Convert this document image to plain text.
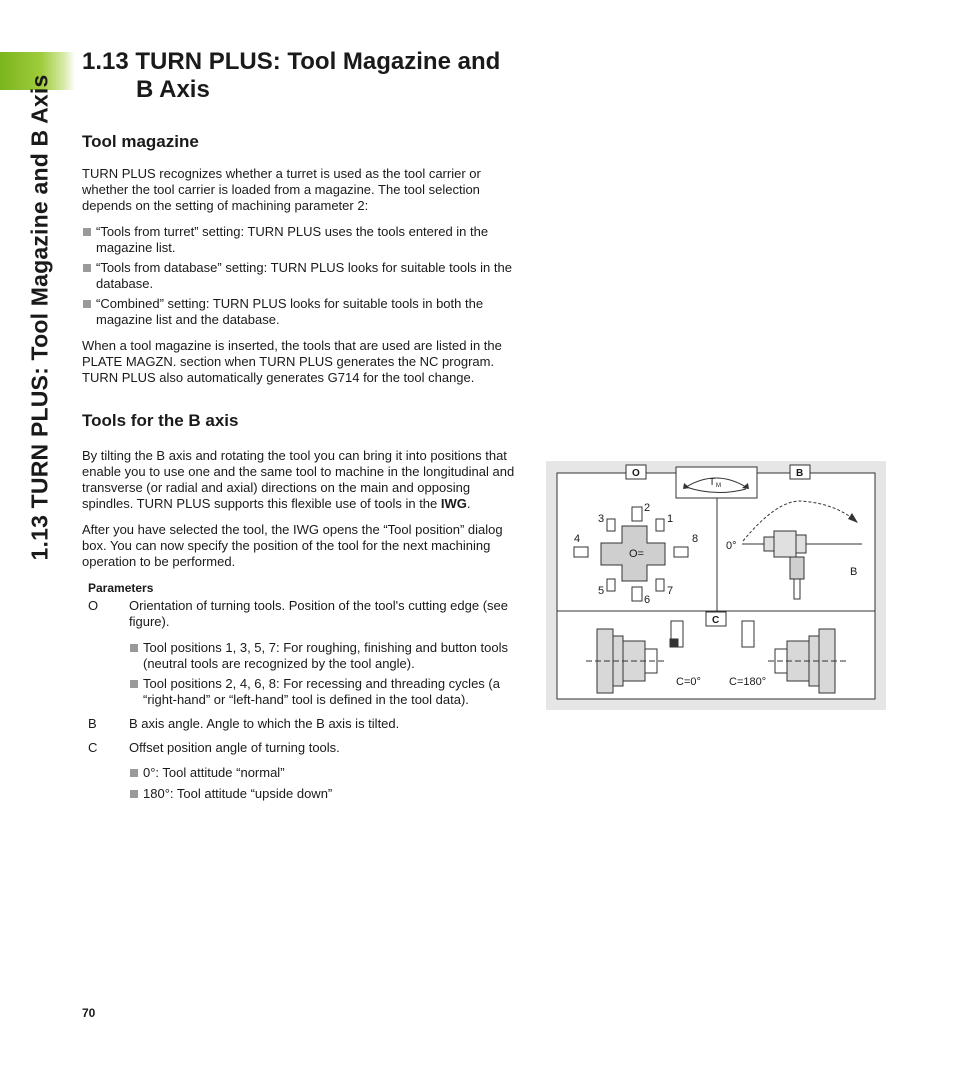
1.13 TURN PLUS: Tool Magazine and B Axis
1.13 TURN PLUS: Tool Magazine and
B Axis
Tool magazine

TURN PLUS recognizes whether a turret is used as the tool carrier or whether the tool carrier is loaded from a magazine. The tool selection depends on the setting of machining parameter 2:

“Tools from turret” setting: TURN PLUS uses the tools entered in the magazine list.
“Tools from database” setting: TURN PLUS looks for suitable tools in the database.
“Combined” setting: TURN PLUS looks for suitable tools in both the magazine list and the database.

When a tool magazine is inserted, the tools that are used are listed in the PLATE MAGZN. section when TURN PLUS generates the NC program. TURN PLUS also automatically generates G714 for the tool change.

Tools for the B axis

By tilting the B axis and rotating the tool you can bring it into positions that enable you to use one and the same tool to machine in the longitudinal and transverse (or radial and axial) directions on the main and opposing spindles. TURN PLUS supports this flexible use of tools in the IWG.

After you have selected the tool, the IWG opens the “Tool position” dialog box. You can now specify the position of the tool for the next machining operation to be performed.

Parameters
O	Orientation of turning tools. Position of the tool's cutting edge (see figure).
Tool positions 1, 3, 5, 7: For roughing, finishing and button tools (neutral tools are recognized by the tool angle).
Tool positions 2, 4, 6, 8: For recessing and threading cycles (a “right-hand” or “left-hand” tool is defined in the tool data).
B	B axis angle. Angle to which the B axis is tilted.
C	Offset position angle of turning tools.
0°: Tool attitude “normal”
180°: Tool attitude “upside down”
O	B
C
T M
O=
2
1
3
4	8
5
6
7
0°
B
C=0°	C=180°
70
